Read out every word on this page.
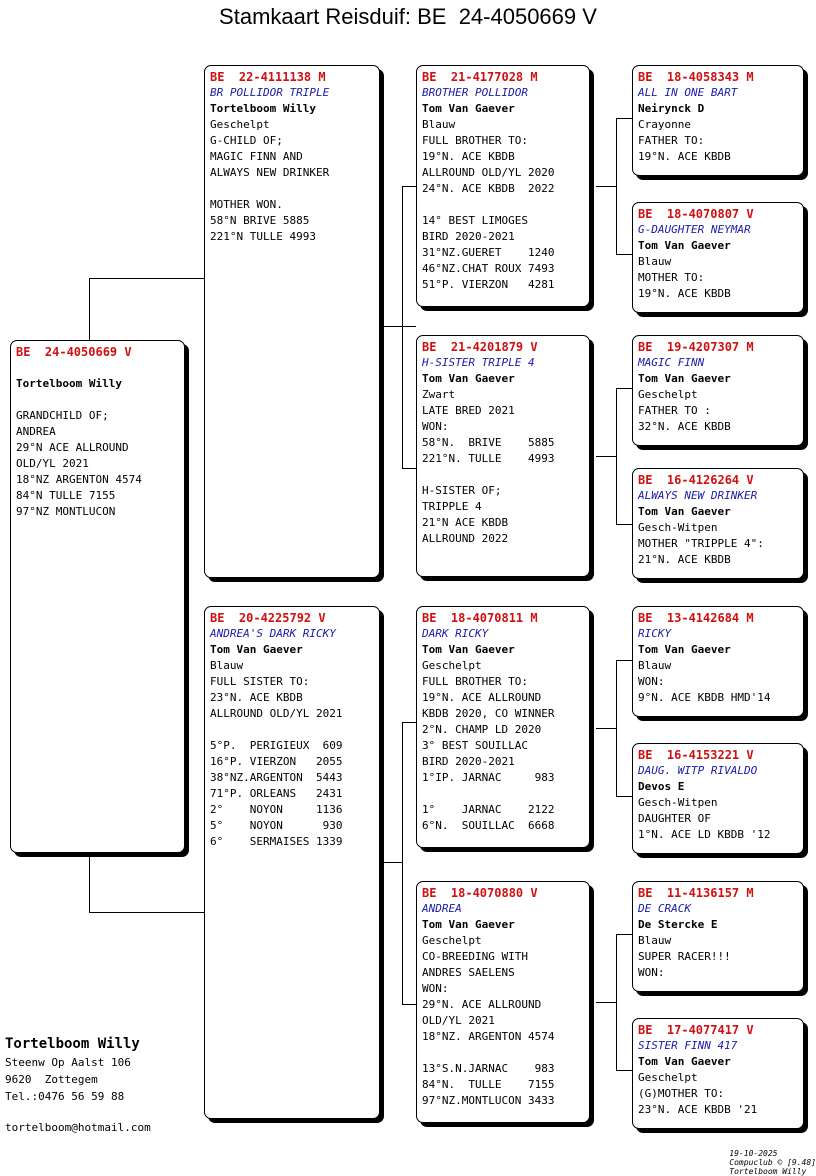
Stamkaart Reisduif: BE  24-4050669 V
BE  24-4050669 V
Tortelboom Willy
GRANDCHILD OF;
ANDREA
29°N ACE ALLROUND
OLD/YL 2021
18°NZ ARGENTON 4574
84°N TULLE 7155
97°NZ MONTLUCON
BE  22-4111138 M
BR POLLIDOR TRIPLE
Tortelboom Willy
Geschelpt
G-CHILD OF;
MAGIC FINN AND
ALWAYS NEW DRINKER
MOTHER WON.
58°N BRIVE 5885
221°N TULLE 4993
BE  20-4225792 V
ANDREA'S DARK RICKY
Tom Van Gaever
Blauw
FULL SISTER TO:
23°N. ACE KBDB
ALLROUND OLD/YL 2021
5°P.  PERIGIEUX  609
16°P. VIERZON   2055
38°NZ.ARGENTON  5443
71°P. ORLEANS   2431
2°    NOYON     1136
5°    NOYON      930
6°    SERMAISES 1339
BE  21-4177028 M
BROTHER POLLIDOR
Tom Van Gaever
Blauw
FULL BROTHER TO:
19°N. ACE KBDB
ALLROUND OLD/YL 2020
24°N. ACE KBDB  2022
14° BEST LIMOGES
BIRD 2020-2021
31°NZ.GUERET    1240
46°NZ.CHAT ROUX 7493
51°P. VIERZON   4281
BE  21-4201879 V
H-SISTER TRIPLE 4
Tom Van Gaever
Zwart
LATE BRED 2021
WON:
58°N.  BRIVE    5885
221°N. TULLE    4993
H-SISTER OF;
TRIPPLE 4
21°N ACE KBDB
ALLROUND 2022
BE  18-4070811 M
DARK RICKY
Tom Van Gaever
Geschelpt
FULL BROTHER TO:
19°N. ACE ALLROUND
KBDB 2020, CO WINNER
2°N. CHAMP LD 2020
3° BEST SOUILLAC
BIRD 2020-2021
1°IP. JARNAC     983
1°    JARNAC    2122
6°N.  SOUILLAC  6668
BE  18-4070880 V
ANDREA
Tom Van Gaever
Geschelpt
CO-BREEDING WITH
ANDRES SAELENS
WON:
29°N. ACE ALLROUND
OLD/YL 2021
18°NZ. ARGENTON 4574
13°S.N.JARNAC    983
84°N.  TULLE    7155
97°NZ.MONTLUCON 3433
BE  18-4058343 M
ALL IN ONE BART
Neirynck D
Crayonne
FATHER TO:
19°N. ACE KBDB
BE  18-4070807 V
G-DAUGHTER NEYMAR
Tom Van Gaever
Blauw
MOTHER TO:
19°N. ACE KBDB
BE  19-4207307 M
MAGIC FINN
Tom Van Gaever
Geschelpt
FATHER TO :
32°N. ACE KBDB
BE  16-4126264 V
ALWAYS NEW DRINKER
Tom Van Gaever
Gesch-Witpen
MOTHER "TRIPPLE 4":
21°N. ACE KBDB
BE  13-4142684 M
RICKY
Tom Van Gaever
Blauw
WON:
9°N. ACE KBDB HMD'14
BE  16-4153221 V
DAUG. WITP RIVALDO
Devos E
Gesch-Witpen
DAUGHTER OF
1°N. ACE LD KBDB '12
BE  11-4136157 M
DE CRACK
De Stercke E
Blauw
SUPER RACER!!!
WON:
BE  17-4077417 V
SISTER FINN 417
Tom Van Gaever
Geschelpt
(G)MOTHER TO:
23°N. ACE KBDB '21
Tortelboom Willy
Steenw Op Aalst 106
9620  Zottegem
Tel.:0476 56 59 88
tortelboom@hotmail.com

19-10-2025
Compuclub © [9.48]
Tortelboom Willy
